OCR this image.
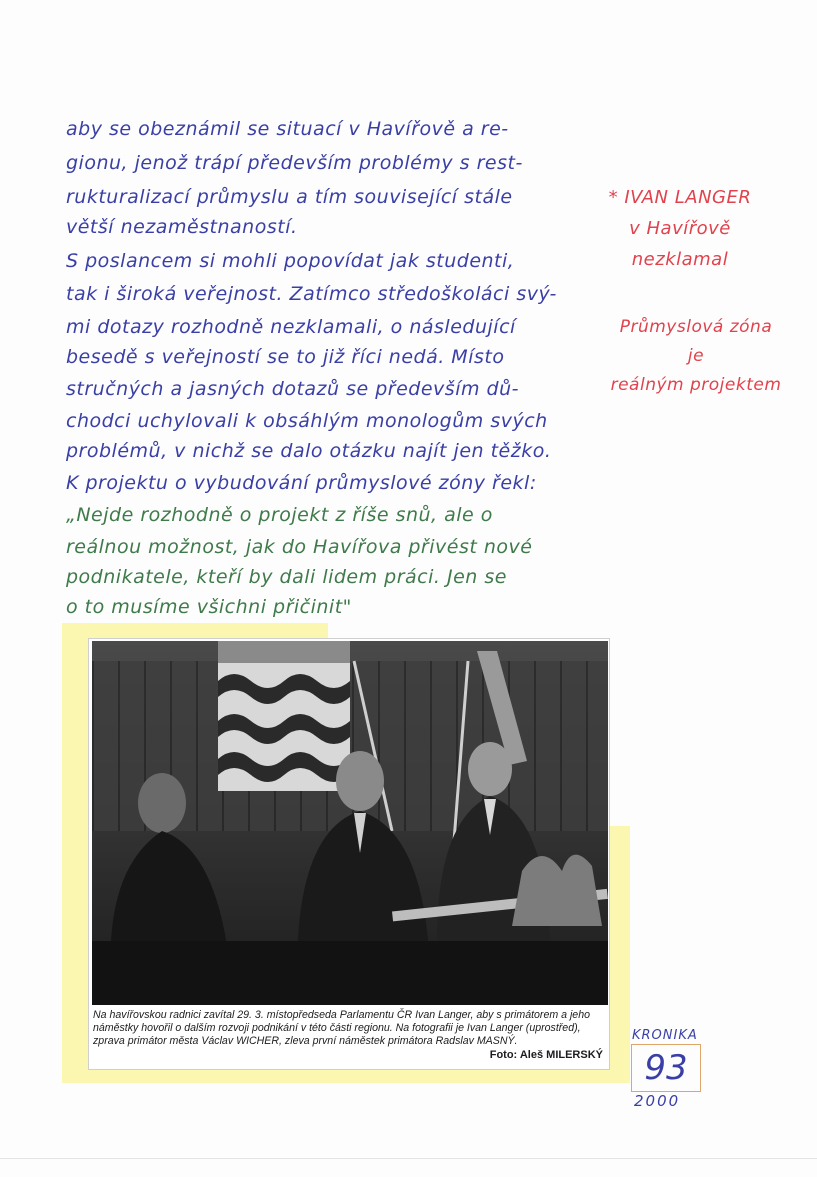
aby se obeznámil se situací v Havířově a re-
gionu, jenož trápí především problémy s rest-
rukturalizací průmyslu a tím související stále
větší nezaměstnaností.
S poslancem si mohli popovídat jak studenti,
tak i široká veřejnost. Zatímco středoškoláci svý-
mi dotazy rozhodně nezklamali, o následující
besedě s veřejností se to již říci nedá. Místo
stručných a jasných dotazů se především dů-
chodci uchylovali k obsáhlým monologům svých
problémů, v nichž se dalo otázku najít jen těžko.
K projektu o vybudování průmyslové zóny řekl:
„Nejde rozhodně o projekt z říše snů, ale o
reálnou možnost, jak do Havířova přivést nové
podnikatele, kteří by dali lidem práci. Jen se
o to musíme všichni přičinit"
* IVAN LANGER
v Havířově
nezklamal
Průmyslová zóna
je
reálným projektem
Na havířovskou radnici zavítal 29. 3. místopředseda Parlamentu ČR Ivan Langer, aby s primátorem a jeho náměstky hovořil o dalším rozvoji podnikání v této části regionu. Na fotografii je Ivan Langer (uprostřed), zprava primátor města Václav WICHER, zleva první náměstek primátora Radslav MASNÝ.
Foto: Aleš MILERSKÝ
KRONIKA
93
2000
